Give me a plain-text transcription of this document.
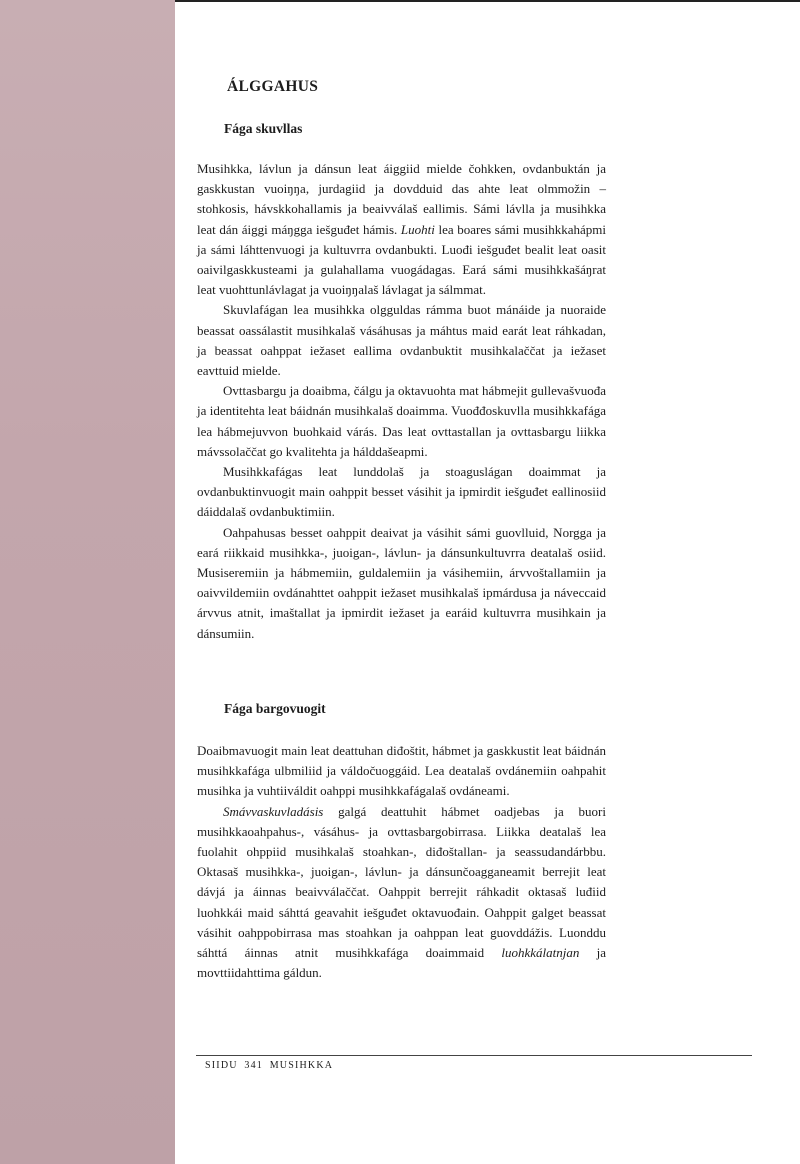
ÁLGGAHUS
Fága skuvllas

Musihkka, lávlun ja dánsun leat áiggiid mielde čohkken, ovdanbuktán ja gaskkustan vuoiŋŋa, jurdagiid ja dovdduid das ahte leat olmmožin – stohkosis, hávskkohallamis ja beaivválaš eallimis. Sámi lávlla ja musihkka leat dán áiggi máŋgga iešguđet hámis. Luohti lea boares sámi musihkkahápmi ja sámi láhttenvuogi ja kultuvrra ovdanbukti. Luođi iešguđet bealit leat oasit oaivilgaskkusteami ja gulahallama vuogádagas. Eará sámi musihkkašáŋrat leat vuohttunlávlagat ja vuoiŋŋalaš lávlagat ja sálmmat.

Skuvlafágan lea musihkka olgguldas rámma buot mánáide ja nuoraide beassat oassálastit musihkalaš vásáhusas ja máhtus maid earát leat ráhkadan, ja beassat oahppat iežaset eallima ovdanbuktit musihkalaččat ja iežaset eavttuid mielde.

Ovttasbargu ja doaibma, čálgu ja oktavuohta mat hábmejit gullevašvuođa ja identitehta leat báidnán musihkalaš doaimma. Vuođđoskuvlla musihkkafága lea hábmejuvvon buohkaid várás. Das leat ovttastallan ja ovttasbargu liikka mávssolaččat go kvalitehta ja hálddašeapmi.

Musihkkafágas leat lunddolaš ja stoaguslágan doaimmat ja ovdanbuktinvuogit main oahppit besset vásihit ja ipmirdit iešguđet eallinosiid dáiddalaš ovdanbuktimiin.

Oahpahusas besset oahppit deaivat ja vásihit sámi guovlluid, Norgga ja eará riikkaid musihkka-, juoigan-, lávlun- ja dánsunkultuvrra deatalaš osiid. Musiseremiin ja hábmemiin, guldalemiin ja vásihemiin, árvvoštallamiin ja oaivvildemiin ovdánahttet oahppit iežaset musihkalaš ipmárdusa ja náveccaid árvvus atnit, imaštallat ja ipmirdit iežaset ja earáid kultuvrra musihkain ja dánsumiin.

Fága bargovuogit

Doaibmavuogit main leat deattuhan diđoštit, hábmet ja gaskkustit leat báidnán musihkkafága ulbmiliid ja váldočuoggáid. Lea deatalaš ovdánemiin oahpahit musihka ja vuhtiiváldit oahppi musihkkafágalaš ovdáneami.

Smávvaskuvladásis galgá deattuhit hábmet oadjebas ja buori musihkkaoahpahus-, vásáhus- ja ovttasbargobirrasa. Liikka deatalaš lea fuolahit ohppiid musihkalaš stoahkan-, diđoštallan- ja seassudandárbbu. Oktasaš musihkka-, juoigan-, lávlun- ja dánsunčoagganeamit berrejit leat dávjá ja áinnas beaivválaččat. Oahppit berrejit ráhkadit oktasaš luđiid luohkkái maid sáhttá geavahit iešguđet oktavuođain. Oahppit galget beassat vásihit oahppobirrasa mas stoahkan ja oahppan leat guovddážis. Luonddu sáhttá áinnas atnit musihkkafága doaimmaid luohkkálatnjan ja movttiidahttima gáldun.

SIIDU 341 MUSIHKKA
